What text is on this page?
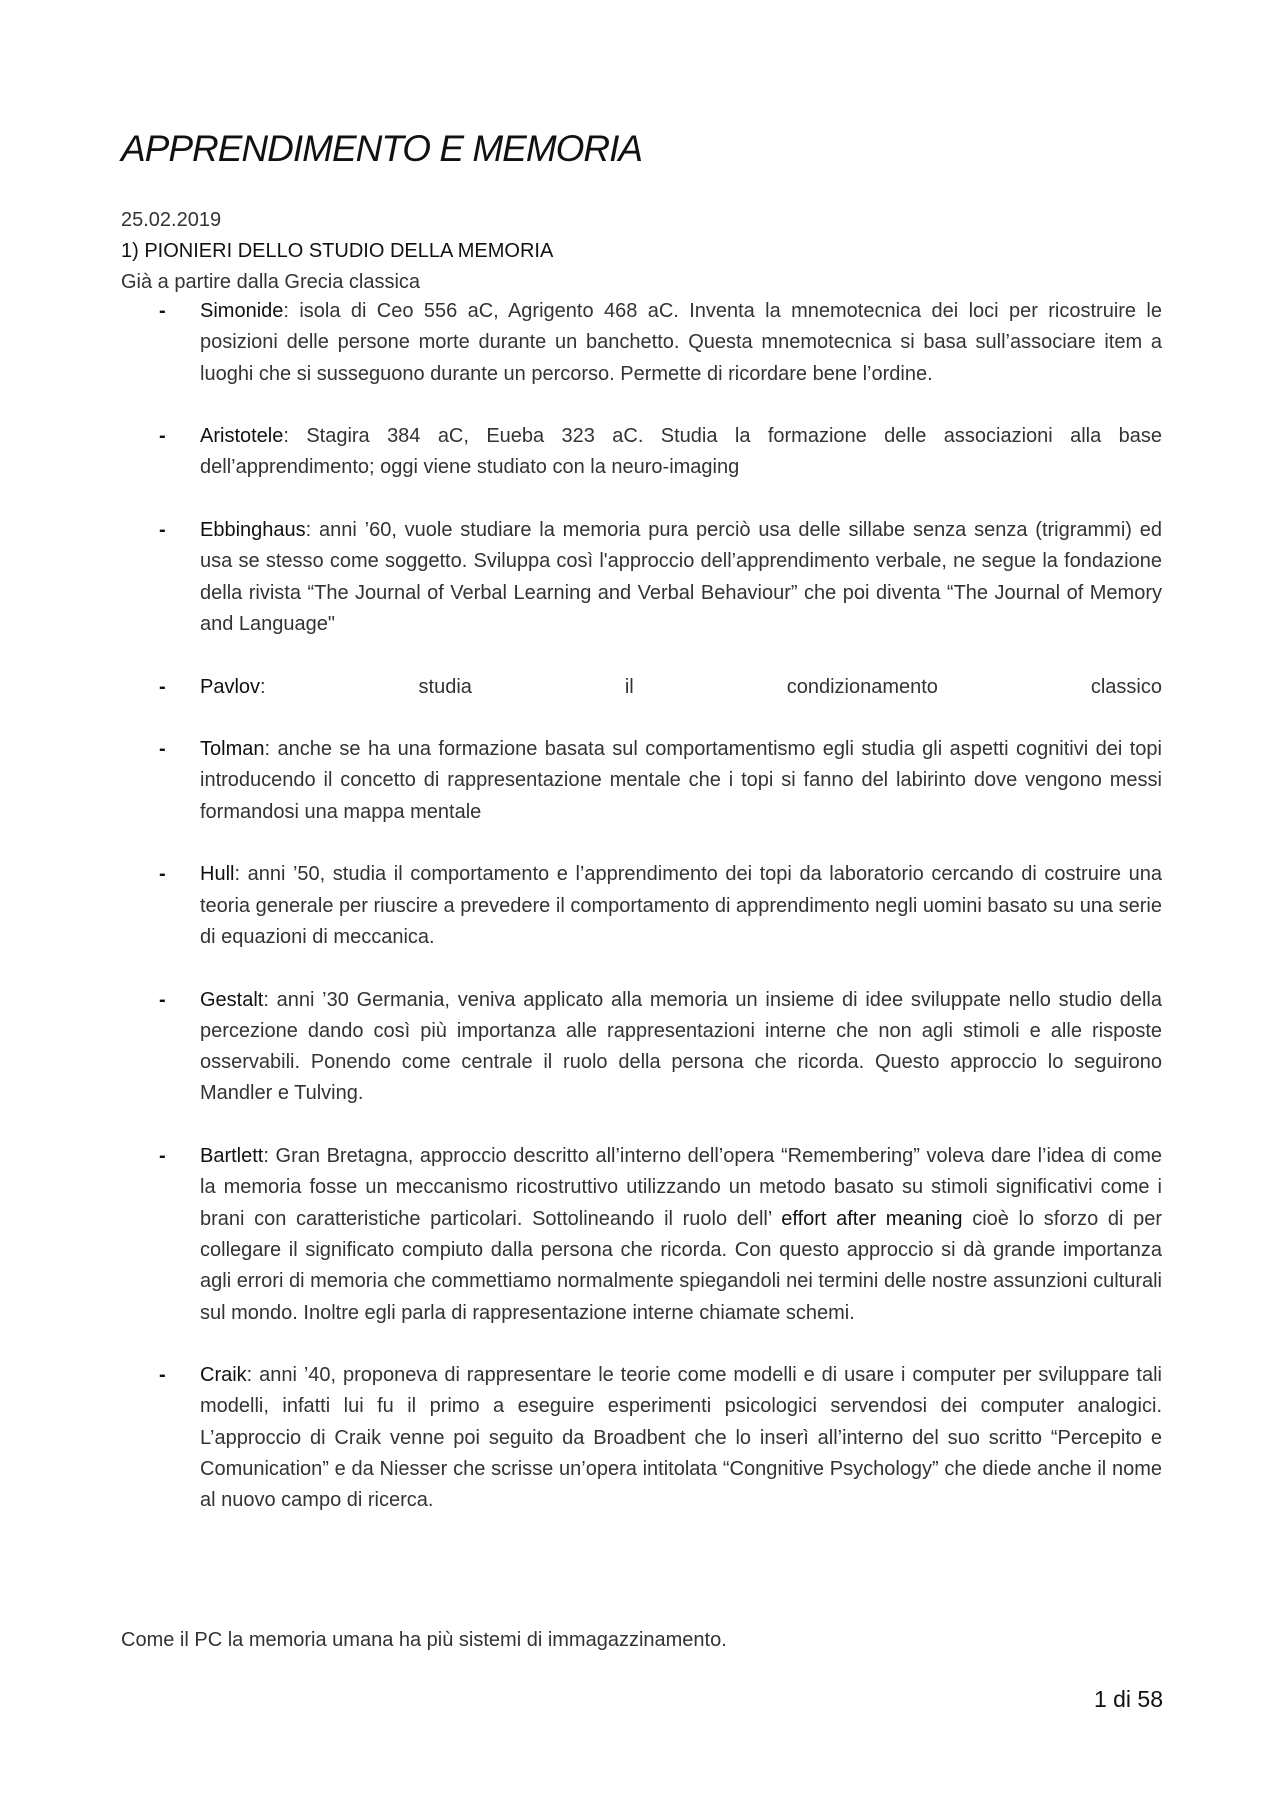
APPRENDIMENTO E MEMORIA
25.02.2019
1) PIONIERI DELLO STUDIO DELLA MEMORIA
Già a partire dalla Grecia classica
- Simonide: isola di Ceo 556 aC, Agrigento 468 aC. Inventa la mnemotecnica dei loci per ricostruire le posizioni delle persone morte durante un banchetto. Questa mnemotecnica si basa sull’associare item a luoghi che si susseguono durante un percorso. Permette di ricordare bene l’ordine.
- Aristotele: Stagira 384 aC, Eueba 323 aC. Studia la formazione delle associazioni alla base dell’apprendimento; oggi viene studiato con la neuro-imaging
- Ebbinghaus: anni ’60, vuole studiare la memoria pura perciò usa delle sillabe senza senza (trigrammi) ed usa se stesso come soggetto. Sviluppa così l'approccio dell’apprendimento verbale, ne segue la fondazione della rivista “The Journal of Verbal Learning and Verbal Behaviour” che poi diventa “The Journal of Memory and Language"
- Pavlov: studia il condizionamento classico
- Tolman: anche se ha una formazione basata sul comportamentismo egli studia gli aspetti cognitivi dei topi introducendo il concetto di rappresentazione mentale che i topi si fanno del labirinto dove vengono messi formandosi una mappa mentale
- Hull: anni ’50, studia il comportamento e l’apprendimento dei topi da laboratorio cercando di costruire una teoria generale per riuscire a prevedere il comportamento di apprendimento negli uomini basato su una serie di equazioni di meccanica.
- Gestalt: anni ’30 Germania, veniva applicato alla memoria un insieme di idee sviluppate nello studio della percezione dando così più importanza alle rappresentazioni interne che non agli stimoli e alle risposte osservabili. Ponendo come centrale il ruolo della persona che ricorda. Questo approccio lo seguirono Mandler e Tulving.
- Bartlett: Gran Bretagna, approccio descritto all’interno dell’opera “Remembering” voleva dare l’idea di come la memoria fosse un meccanismo ricostruttivo utilizzando un metodo basato su stimoli significativi come i brani con caratteristiche particolari. Sottolineando il ruolo dell’ effort after meaning cioè lo sforzo di per collegare il significato compiuto dalla persona che ricorda. Con questo approccio si dà grande importanza agli errori di memoria che commettiamo normalmente spiegandoli nei termini delle nostre assunzioni culturali sul mondo. Inoltre egli parla di rappresentazione interne chiamate schemi.
- Craik: anni ’40, proponeva di rappresentare le teorie come modelli e di usare i computer per sviluppare tali modelli, infatti lui fu il primo a eseguire esperimenti psicologici servendosi dei computer analogici. L’approccio di Craik venne poi seguito da Broadbent che lo inserì all’interno del suo scritto “Percepito e Comunication” e da Niesser che scrisse un’opera intitolata “Congnitive Psychology” che diede anche il nome al nuovo campo di ricerca.
Come il PC la memoria umana ha più sistemi di immagazzinamento.
1 di 58
